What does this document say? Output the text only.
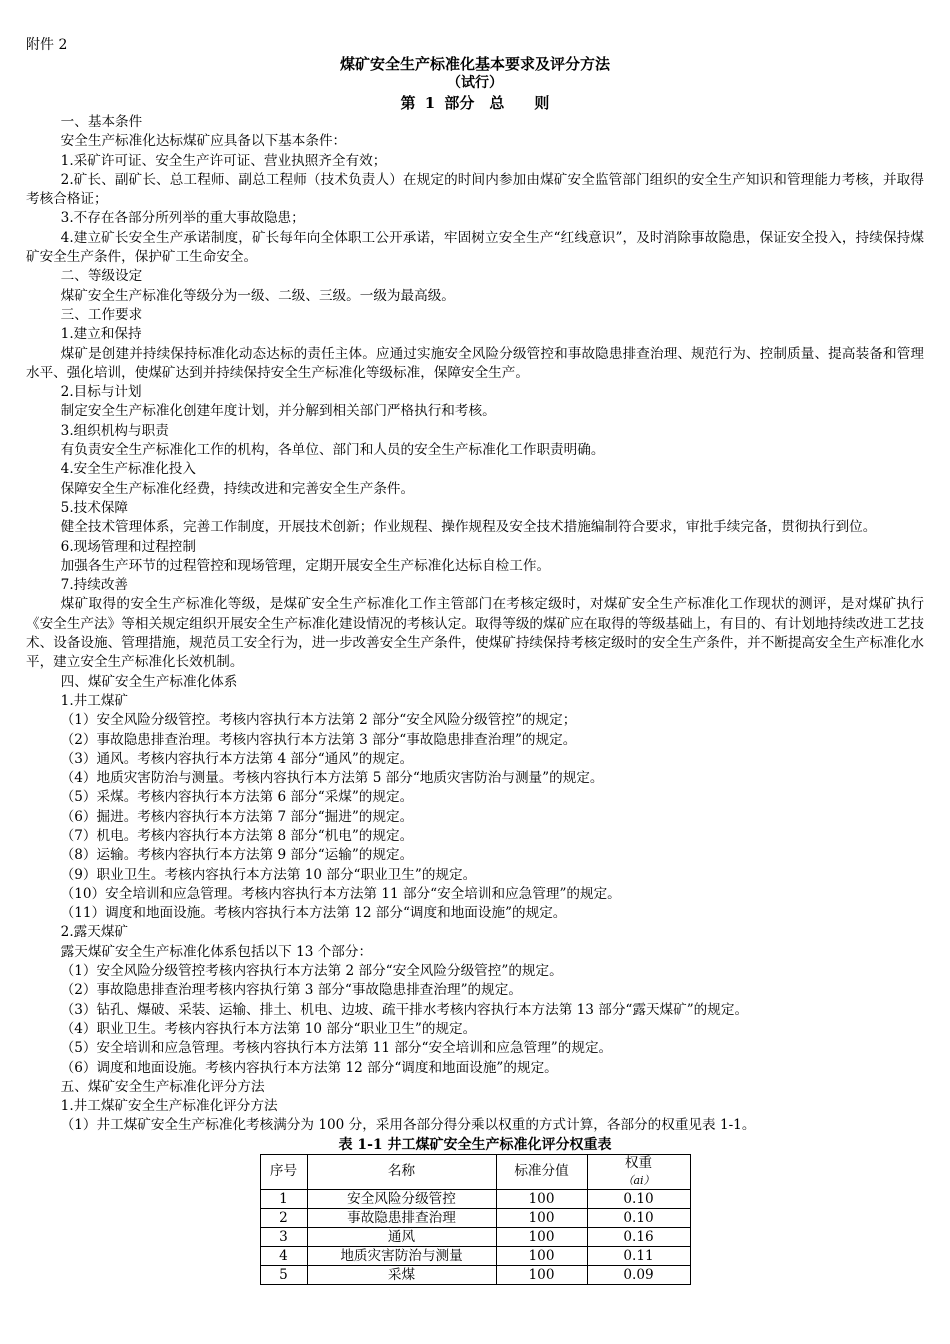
附件 2
煤矿安全生产标准化基本要求及评分方法
（试行）
第 1 部分　总　　则

一、基本条件

安全生产标准化达标煤矿应具备以下基本条件：

1.采矿许可证、安全生产许可证、营业执照齐全有效；

2.矿长、副矿长、总工程师、副总工程师（技术负责人）在规定的时间内参加由煤矿安全监管部门组织的安全生产知识和管理能力考核，并取得考核合格证；

3.不存在各部分所列举的重大事故隐患；

4.建立矿长安全生产承诺制度，矿长每年向全体职工公开承诺，牢固树立安全生产“红线意识”，及时消除事故隐患，保证安全投入，持续保持煤矿安全生产条件，保护矿工生命安全。

二、等级设定

煤矿安全生产标准化等级分为一级、二级、三级。一级为最高级。

三、工作要求

1.建立和保持

煤矿是创建并持续保持标准化动态达标的责任主体。应通过实施安全风险分级管控和事故隐患排查治理、规范行为、控制质量、提高装备和管理水平、强化培训，使煤矿达到并持续保持安全生产标准化等级标准，保障安全生产。

2.目标与计划

制定安全生产标准化创建年度计划，并分解到相关部门严格执行和考核。

3.组织机构与职责

有负责安全生产标准化工作的机构，各单位、部门和人员的安全生产标准化工作职责明确。

4.安全生产标准化投入

保障安全生产标准化经费，持续改进和完善安全生产条件。

5.技术保障

健全技术管理体系，完善工作制度，开展技术创新；作业规程、操作规程及安全技术措施编制符合要求，审批手续完备，贯彻执行到位。

6.现场管理和过程控制

加强各生产环节的过程管控和现场管理，定期开展安全生产标准化达标自检工作。

7.持续改善

煤矿取得的安全生产标准化等级，是煤矿安全生产标准化工作主管部门在考核定级时，对煤矿安全生产标准化工作现状的测评，是对煤矿执行《安全生产法》等相关规定组织开展安全生产标准化建设情况的考核认定。取得等级的煤矿应在取得的等级基础上，有目的、有计划地持续改进工艺技术、设备设施、管理措施，规范员工安全行为，进一步改善安全生产条件，使煤矿持续保持考核定级时的安全生产条件，并不断提高安全生产标准化水平，建立安全生产标准化长效机制。

四、煤矿安全生产标准化体系

1.井工煤矿

（1）安全风险分级管控。考核内容执行本方法第 2 部分“安全风险分级管控”的规定；

（2）事故隐患排查治理。考核内容执行本方法第 3 部分“事故隐患排查治理”的规定。

（3）通风。考核内容执行本方法第 4 部分“通风”的规定。

（4）地质灾害防治与测量。考核内容执行本方法第 5 部分“地质灾害防治与测量”的规定。

（5）采煤。考核内容执行本方法第 6 部分“采煤”的规定。

（6）掘进。考核内容执行本方法第 7 部分“掘进”的规定。

（7）机电。考核内容执行本方法第 8 部分“机电”的规定。

（8）运输。考核内容执行本方法第 9 部分“运输”的规定。

（9）职业卫生。考核内容执行本方法第 10 部分“职业卫生”的规定。

（10）安全培训和应急管理。考核内容执行本方法第 11 部分“安全培训和应急管理”的规定。

（11）调度和地面设施。考核内容执行本方法第 12 部分“调度和地面设施”的规定。

2.露天煤矿

露天煤矿安全生产标准化体系包括以下 13 个部分：

（1）安全风险分级管控考核内容执行本方法第 2 部分“安全风险分级管控”的规定。

（2）事故隐患排查治理考核内容执行第 3 部分“事故隐患排查治理”的规定。

（3）钻孔、爆破、采装、运输、排土、机电、边坡、疏干排水考核内容执行本方法第 13 部分“露天煤矿”的规定。

（4）职业卫生。考核内容执行本方法第 10 部分“职业卫生”的规定。

（5）安全培训和应急管理。考核内容执行本方法第 11 部分“安全培训和应急管理”的规定。

（6）调度和地面设施。考核内容执行本方法第 12 部分“调度和地面设施”的规定。

五、煤矿安全生产标准化评分方法

1.井工煤矿安全生产标准化评分方法

（1）井工煤矿安全生产标准化考核满分为 100 分，采用各部分得分乘以权重的方式计算，各部分的权重见表 1-1。

表 1-1 井工煤矿安全生产标准化评分权重表
序号	名称	标准分值	权重
（ai）

1	安全风险分级管控	100	0.10
2	事故隐患排查治理	100	0.10
3	通风	100	0.16
4	地质灾害防治与测量	100	0.11
5	采煤	100	0.09
